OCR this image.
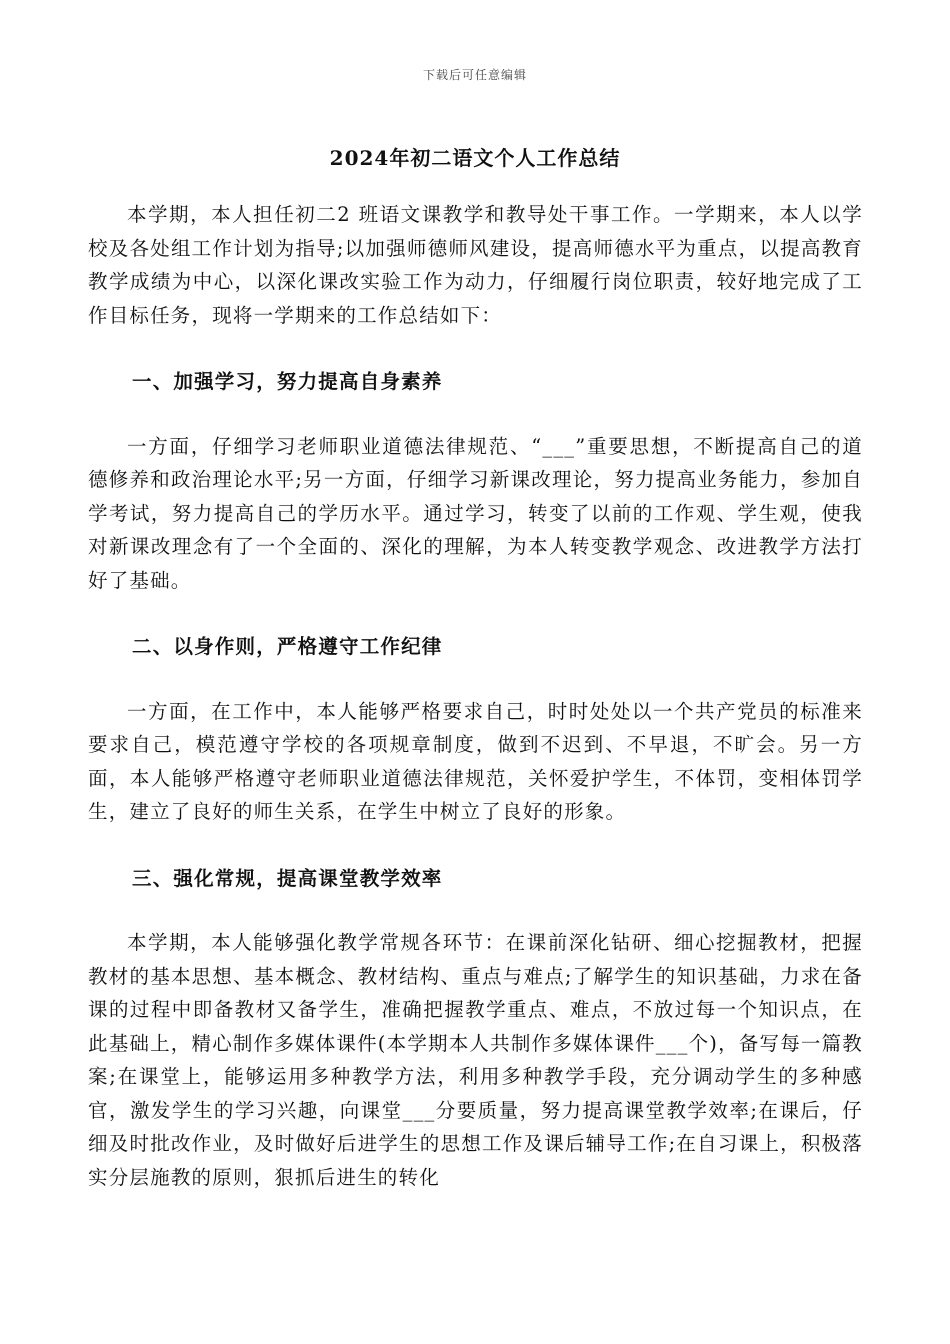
下载后可任意编辑
2024年初二语文个人工作总结

本学期，本人担任初二2 班语文课教学和教导处干事工作。一学期来，本人以学校及各处组工作计划为指导;以加强师德师风建设，提高师德水平为重点，以提高教育教学成绩为中心，以深化课改实验工作为动力，仔细履行岗位职责，较好地完成了工作目标任务，现将一学期来的工作总结如下：

一、加强学习，努力提高自身素养

一方面，仔细学习老师职业道德法律规范、“___”重要思想，不断提高自己的道德修养和政治理论水平;另一方面，仔细学习新课改理论，努力提高业务能力，参加自学考试，努力提高自己的学历水平。通过学习，转变了以前的工作观、学生观，使我对新课改理念有了一个全面的、深化的理解，为本人转变教学观念、改进教学方法打好了基础。

二、以身作则，严格遵守工作纪律

一方面，在工作中，本人能够严格要求自己，时时处处以一个共产党员的标准来要求自己，模范遵守学校的各项规章制度，做到不迟到、不早退，不旷会。另一方面，本人能够严格遵守老师职业道德法律规范，关怀爱护学生，不体罚，变相体罚学生，建立了良好的师生关系，在学生中树立了良好的形象。

三、强化常规，提高课堂教学效率

本学期，本人能够强化教学常规各环节：在课前深化钻研、细心挖掘教材，把握教材的基本思想、基本概念、教材结构、重点与难点;了解学生的知识基础，力求在备课的过程中即备教材又备学生，准确把握教学重点、难点，不放过每一个知识点，在此基础上，精心制作多媒体课件(本学期本人共制作多媒体课件___个)，备写每一篇教案;在课堂上，能够运用多种教学方法，利用多种教学手段，充分调动学生的多种感官，激发学生的学习兴趣，向课堂___分要质量，努力提高课堂教学效率;在课后，仔细及时批改作业，及时做好后进学生的思想工作及课后辅导工作;在自习课上，积极落实分层施教的原则，狠抓后进生的转化
